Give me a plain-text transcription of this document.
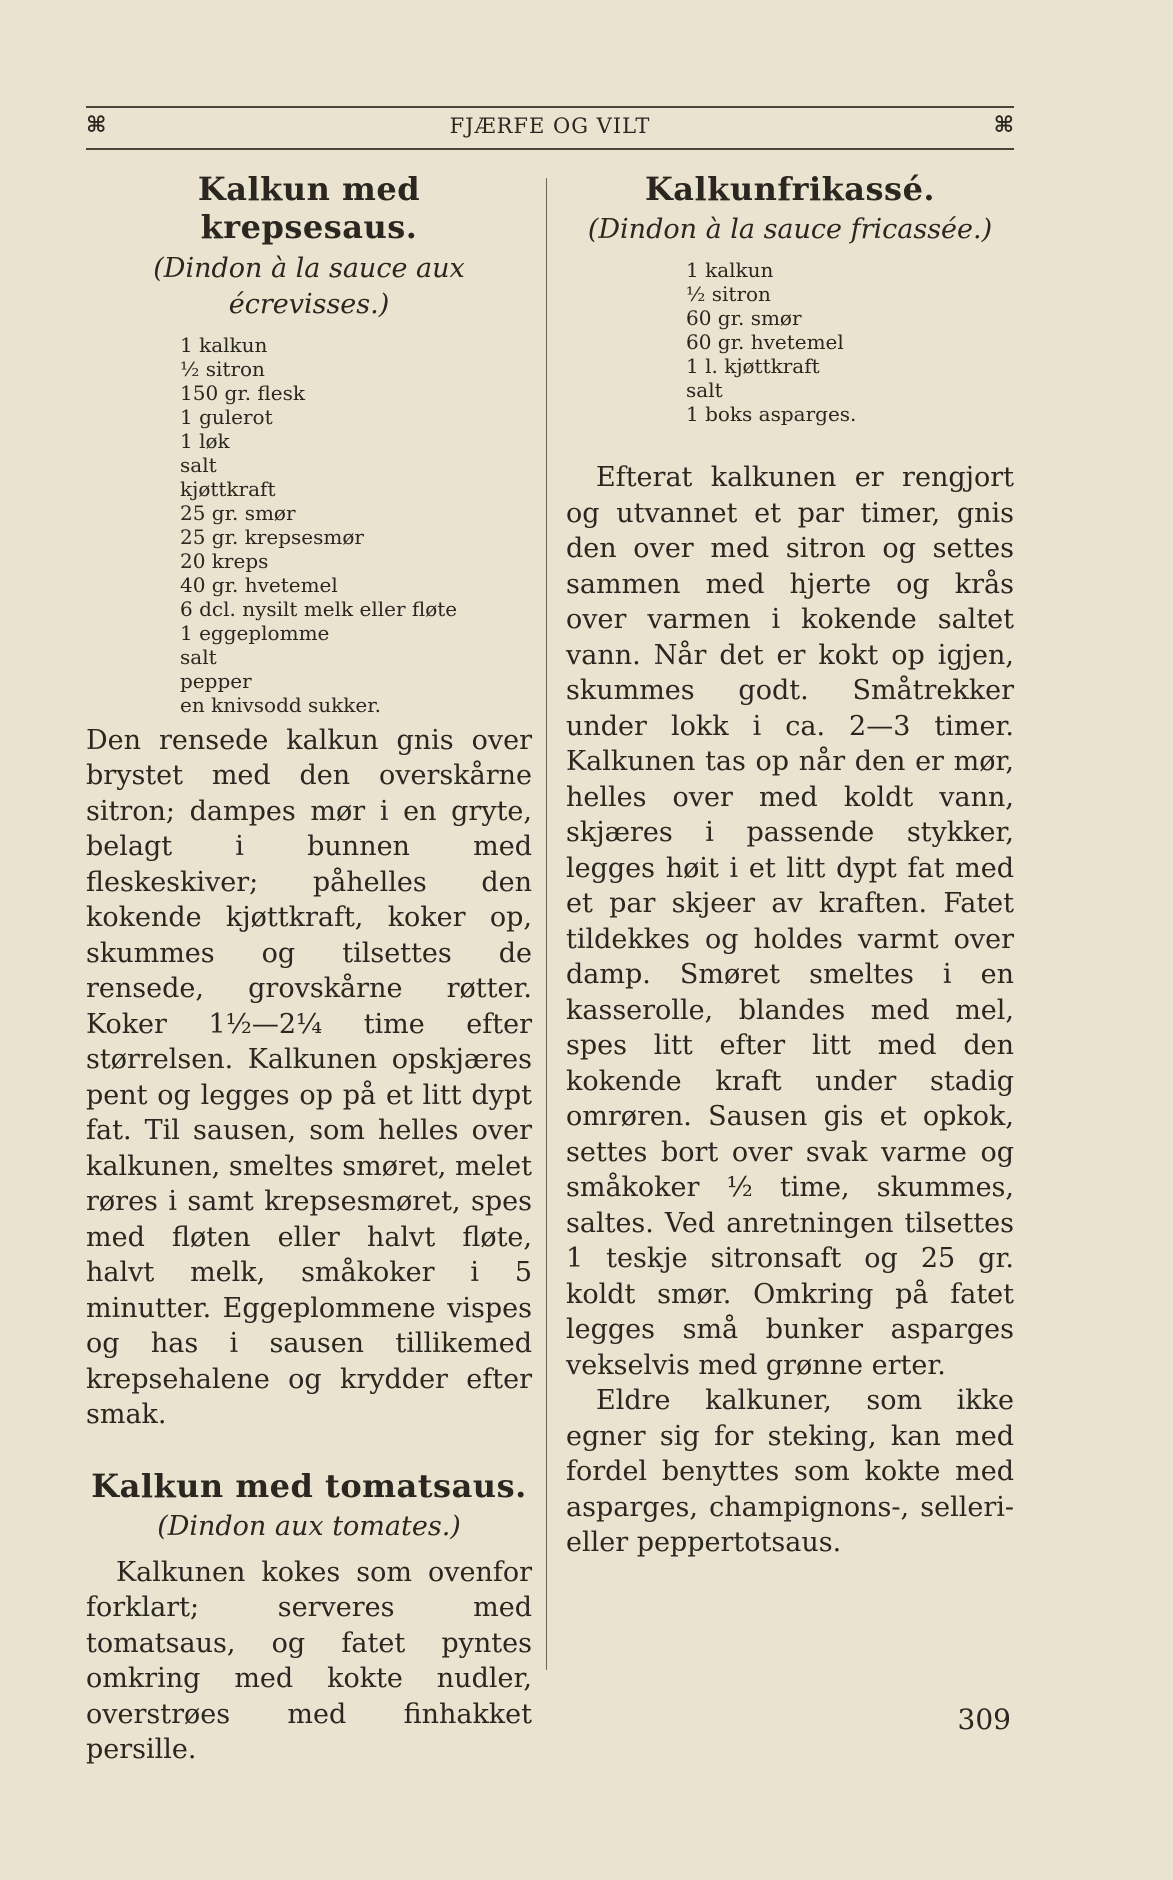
⌘	FJÆRFE OG VILT	⌘
Kalkun med krepsesaus.
(Dindon à la sauce aux écrevisses.)
1 kalkun
½ sitron
150 gr. flesk
1 gulerot
1 løk
salt
kjøttkraft
25 gr. smør
25 gr. krepsesmør
20 kreps
40 gr. hvetemel
6 dcl. nysilt melk eller fløte
1 eggeplomme
salt
pepper
en knivsodd sukker.

Den rensede kalkun gnis over brystet med den overskårne sitron; dampes mør i en gryte, belagt i bunnen med fleskeskiver; påhelles den kokende kjøttkraft, koker op, skummes og tilsettes de rensede, grovskårne røtter. Koker 1½—2¼ time efter størrelsen. Kalkunen opskjæres pent og legges op på et litt dypt fat. Til sausen, som helles over kalkunen, smeltes smøret, melet røres i samt krepsesmøret, spes med fløten eller halvt fløte, halvt melk, småkoker i 5 minutter. Eggeplommene vispes og has i sausen tillikemed krepsehalene og krydder efter smak.

Kalkun med tomatsaus.
(Dindon aux tomates.)

Kalkunen kokes som ovenfor forklart; serveres med tomatsaus, og fatet pyntes omkring med kokte nudler, overstrøes med finhakket persille.

Kalkunfrikassé.
(Dindon à la sauce fricassée.)
1 kalkun
½ sitron
60 gr. smør
60 gr. hvetemel
1 l. kjøttkraft
salt
1 boks asparges.

Efterat kalkunen er rengjort og utvannet et par timer, gnis den over med sitron og settes sammen med hjerte og krås over varmen i kokende saltet vann. Når det er kokt op igjen, skummes godt. Småtrekker under lokk i ca. 2—3 timer. Kalkunen tas op når den er mør, helles over med koldt vann, skjæres i passende stykker, legges høit i et litt dypt fat med et par skjeer av kraften. Fatet tildekkes og holdes varmt over damp. Smøret smeltes i en kasserolle, blandes med mel, spes litt efter litt med den kokende kraft under stadig omrøren. Sausen gis et opkok, settes bort over svak varme og småkoker ½ time, skummes, saltes. Ved anretningen tilsettes 1 teskje sitronsaft og 25 gr. koldt smør. Omkring på fatet legges små bunker asparges vekselvis med grønne erter.

Eldre kalkuner, som ikke egner sig for steking, kan med fordel benyttes som kokte med asparges, champignons-, selleri- eller peppertotsaus.

309
